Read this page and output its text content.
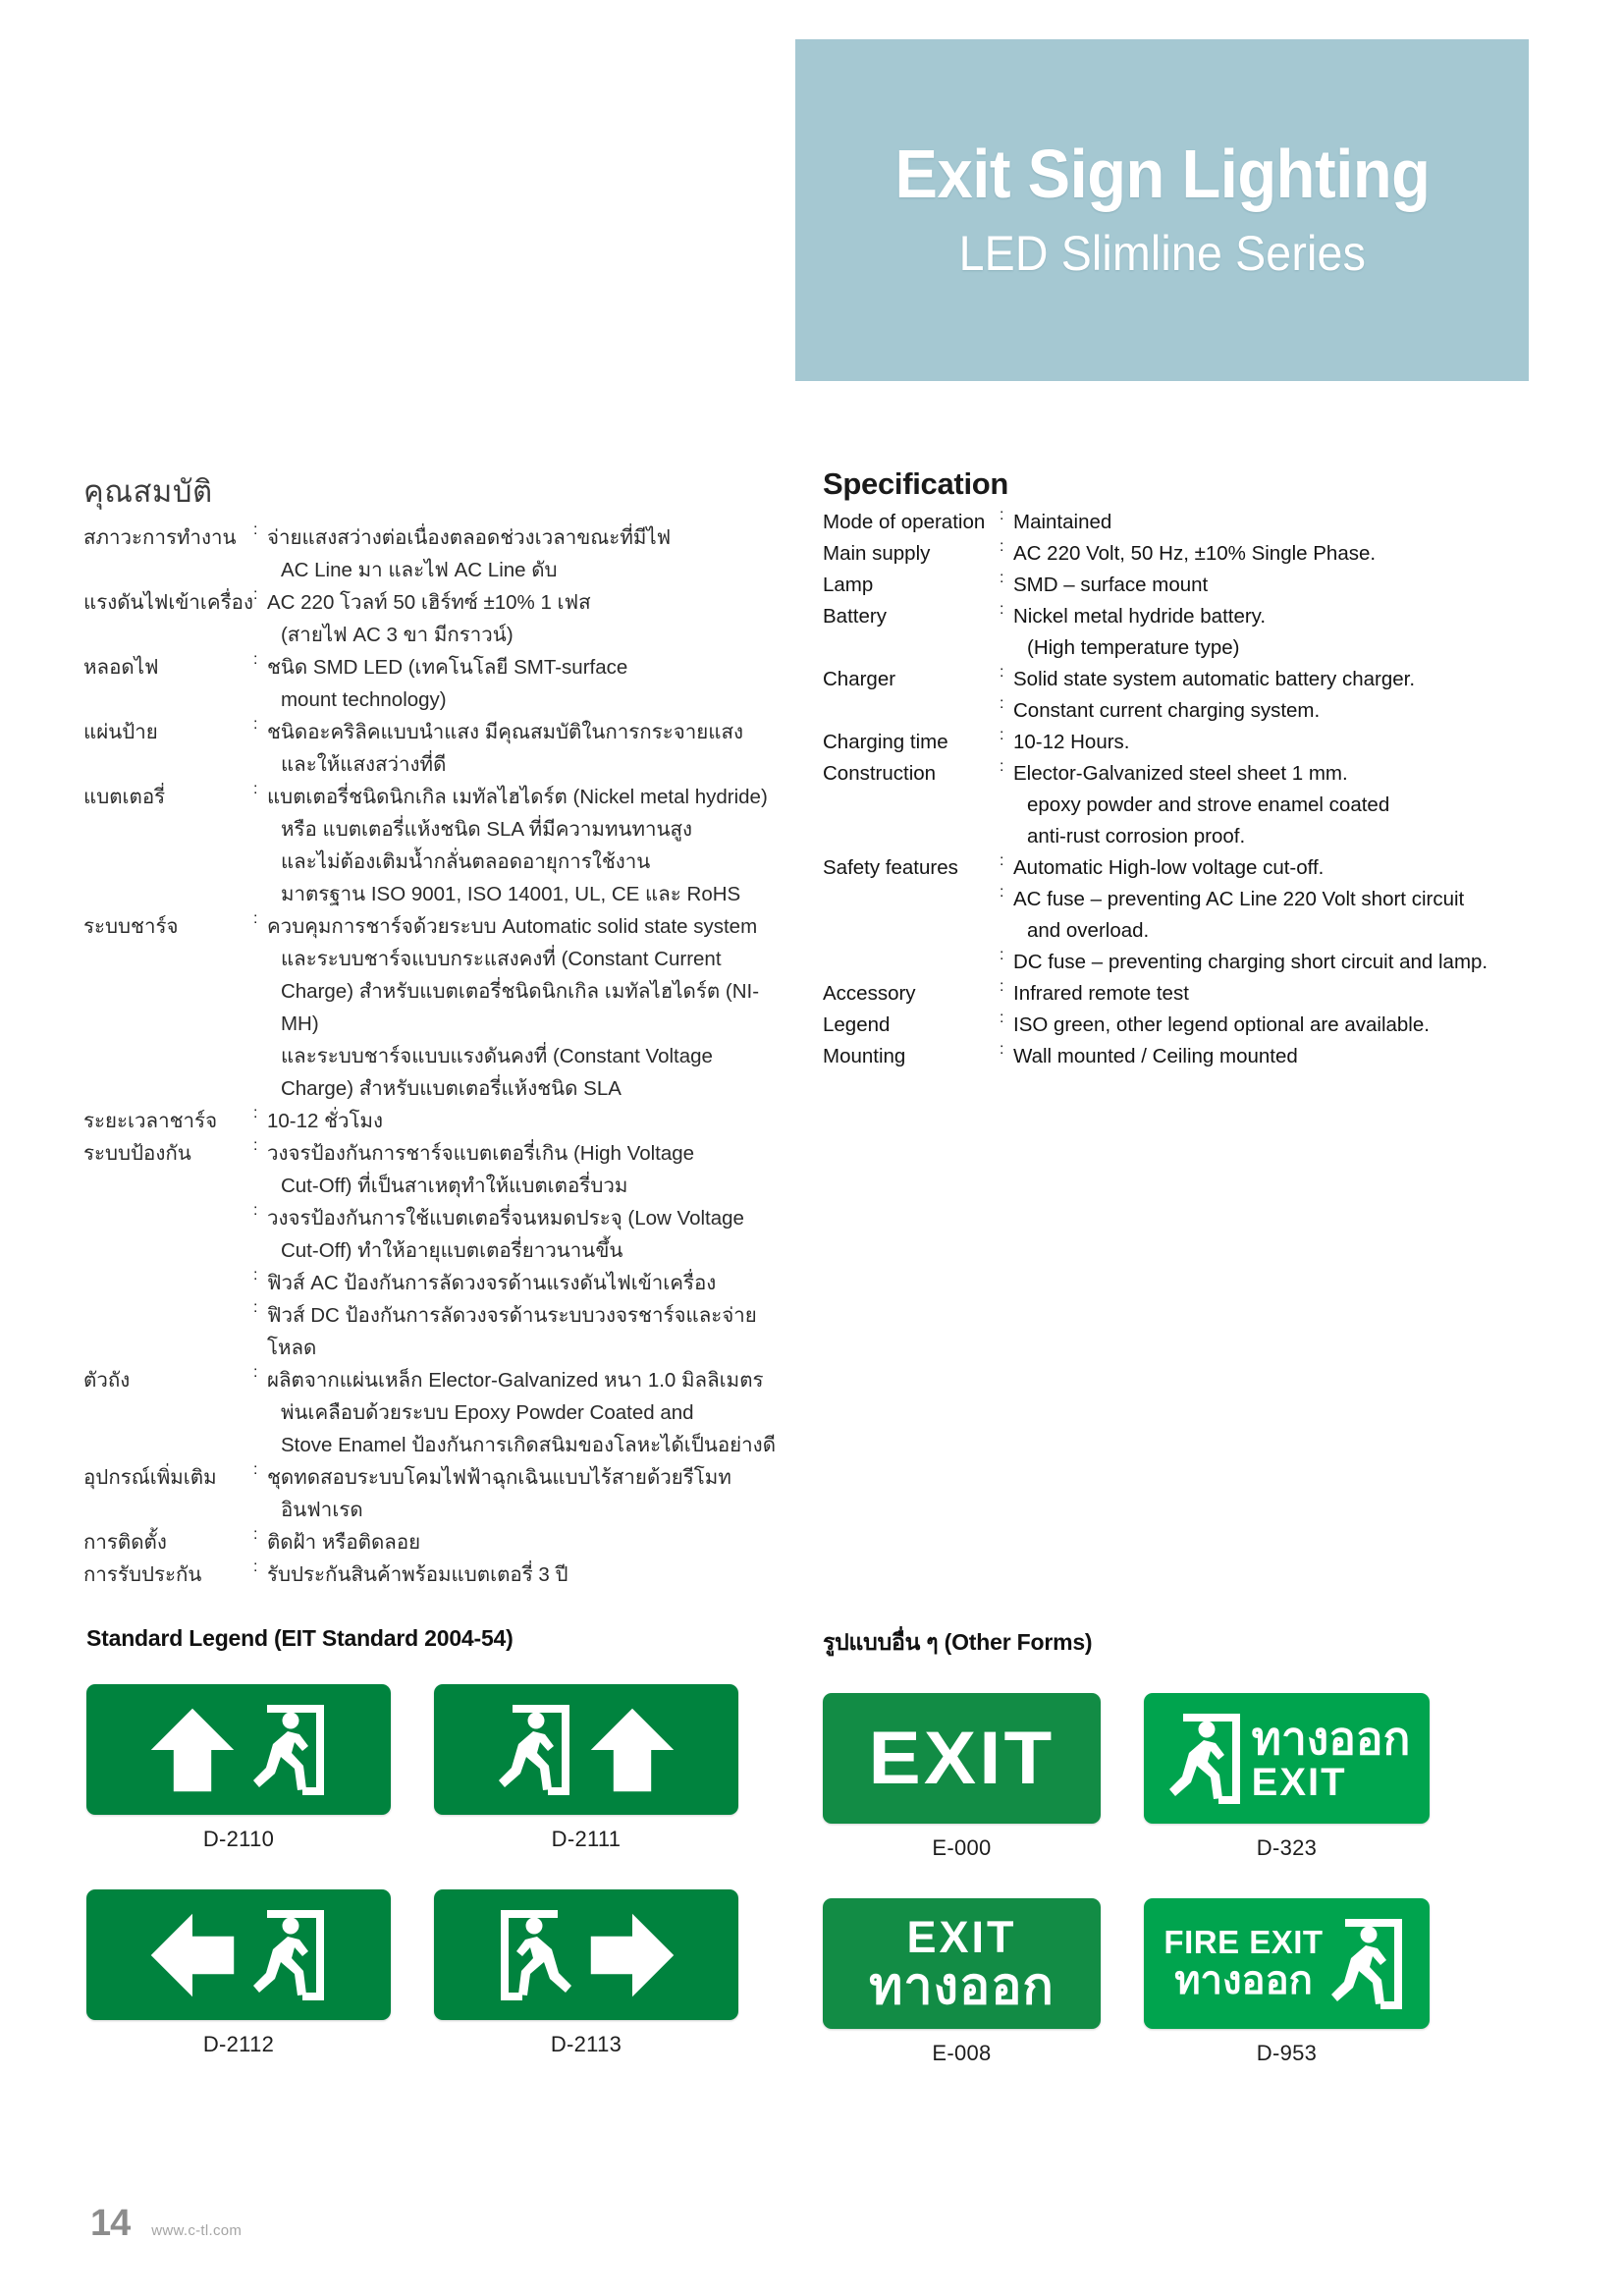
Exit Sign Lighting
LED Slimline Series
คุณสมบัติ
สภาวะการทำงาน	:	จ่ายแสงสว่างต่อเนื่องตลอดช่วงเวลาขณะที่มีไฟ
AC Line มา และไฟ AC Line ดับ

แรงดันไฟเข้าเครื่อง	:	AC 220 โวลท์ 50 เฮิร์ทซ์ ±10% 1 เฟส
(สายไฟ AC 3 ขา มีกราวน์)

หลอดไฟ	:	ชนิด SMD LED (เทคโนโลยี SMT-surface
mount technology)

แผ่นป้าย	:	ชนิดอะคริลิคแบบนำแสง มีคุณสมบัติในการกระจายแสง
และให้แสงสว่างที่ดี

แบตเตอรี่	:	แบตเตอรี่ชนิดนิกเกิล เมทัลไฮไดร์ต (Nickel metal hydride)
หรือ แบตเตอรี่แห้งชนิด SLA ที่มีความทนทานสูง
และไม่ต้องเติมน้ำกลั่นตลอดอายุการใช้งาน
มาตรฐาน ISO 9001, ISO 14001, UL, CE และ RoHS

ระบบชาร์จ	:	ควบคุมการชาร์จด้วยระบบ Automatic solid state system
และระบบชาร์จแบบกระแสงคงที่ (Constant Current
Charge) สำหรับแบตเตอรี่ชนิดนิกเกิล เมทัลไฮไดร์ต (NI-MH)
และระบบชาร์จแบบแรงดันคงที่ (Constant Voltage
Charge) สำหรับแบตเตอรี่แห้งชนิด SLA

ระยะเวลาชาร์จ	:	10-12 ชั่วโมง

ระบบป้องกัน	:	วงจรป้องกันการชาร์จแบตเตอรี่เกิน (High Voltage
Cut-Off) ที่เป็นสาเหตุทำให้แบตเตอรี่บวม

	:	วงจรป้องกันการใช้แบตเตอรี่จนหมดประจุ (Low Voltage
Cut-Off) ทำให้อายุแบตเตอรี่ยาวนานขึ้น

	:	ฟิวส์ AC ป้องกันการลัดวงจรด้านแรงดันไฟเข้าเครื่อง

	:	ฟิวส์ DC ป้องกันการลัดวงจรด้านระบบวงจรชาร์จและจ่ายโหลด

ตัวถัง	:	ผลิตจากแผ่นเหล็ก Elector-Galvanized หนา 1.0 มิลลิเมตร
พ่นเคลือบด้วยระบบ Epoxy Powder Coated and
Stove Enamel ป้องกันการเกิดสนิมของโลหะได้เป็นอย่างดี

อุปกรณ์เพิ่มเติม	:	ชุดทดสอบระบบโคมไฟฟ้าฉุกเฉินแบบไร้สายด้วยรีโมท
อินฟาเรด

การติดตั้ง	:	ติดฝ้า หรือติดลอย

การรับประกัน	:	รับประกันสินค้าพร้อมแบตเตอรี่ 3 ปี
Specification
Mode of operation	:	Maintained

Main supply	:	AC 220 Volt, 50 Hz, ±10% Single Phase.

Lamp	:	SMD – surface mount

Battery	:	Nickel metal hydride battery.
(High temperature type)

Charger	:	Solid state system automatic battery charger.

	:	Constant current charging system.

Charging time	:	10-12 Hours.

Construction	:	Elector-Galvanized steel sheet 1 mm.
epoxy powder and strove enamel coated
anti-rust corrosion proof.

Safety features	:	Automatic High-low voltage cut-off.

	:	AC fuse – preventing AC Line 220 Volt short circuit
and overload.

	:	DC fuse – preventing charging short circuit and lamp.

Accessory	:	Infrared remote test

Legend	:	ISO green, other legend optional are available.

Mounting	:	Wall mounted / Ceiling mounted
Standard Legend (EIT Standard 2004-54)
D-2110	D-2111
D-2112	D-2113
รูปแบบอื่น ๆ (Other Forms)
EXIT
E-000
ทางออก
EXIT
D-323
EXIT
ทางออก
E-008
FIRE EXIT
ทางออก
D-953
14 www.c-tl.com
